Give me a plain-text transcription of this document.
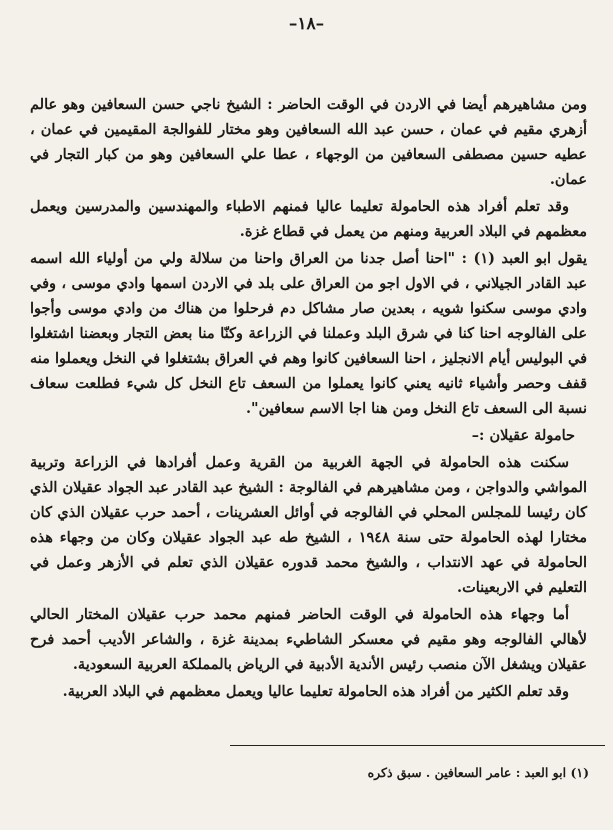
–١٨–

ومن مشاهيرهم أيضا في الاردن في الوقت الحاضر : الشيخ ناجي حسن السعافين وهو عالم أزهري مقيم في عمان ، حسن عبد الله السعافين وهو مختار للفوالجة المقيمين في عمان ، عطيه حسين مصطفى السعافين من الوجهاء ، عطا علي السعافين وهو من كبار التجار في عمان.

وقد تعلم أفراد هذه الحامولة تعليما عاليا فمنهم الاطباء والمهندسين والمدرسين ويعمل معظمهم في البلاد العربية ومنهم من يعمل في قطاع غزة.

يقول ابو العبد (١) : "احنا أصل جدنا من العراق واحنا من سلالة ولي من أولياء الله اسمه عبد القادر الجيلاني ، في الاول اجو من العراق على بلد في الاردن اسمها وادي موسى ، وفي وادي موسى سكنوا شويه ، بعدين صار مشاكل دم فرحلوا من هناك من وادي موسى وأجوا على الفالوجه احنا كنا في شرق البلد وعملنا في الزراعة وكنّا منا بعض التجار وبعضنا اشتغلوا في البوليس أيام الانجليز ، احنا السعافين كانوا وهم في العراق بشتغلوا في النخل ويعملوا منه قفف وحصر وأشياء ثانيه يعني كانوا يعملوا من السعف تاع النخل كل شيء فطلعت سعاف نسبة الى السعف تاع النخل ومن هنا اجا الاسم سعافين".

حامولة عقيلان :–

سكنت هذه الحامولة في الجهة الغربية من القرية وعمل أفرادها في الزراعة وتربية المواشي والدواجن ، ومن مشاهيرهم في الفالوجة : الشيخ عبد القادر عبد الجواد عقيلان الذي كان رئيسا للمجلس المحلي في الفالوجه في أوائل العشرينات ، أحمد حرب عقيلان الذي كان مختارا لهذه الحامولة حتى سنة ١٩٤٨ ، الشيخ طه عبد الجواد عقيلان وكان من وجهاء هذه الحامولة في عهد الانتداب ، والشيخ محمد قدوره عقيلان الذي تعلم في الأزهر وعمل في التعليم في الاربعينات.

أما وجهاء هذه الحامولة في الوقت الحاضر فمنهم محمد حرب عقيلان المختار الحالي لأهالي الفالوجه وهو مقيم في معسكر الشاطيء بمدينة غزة ، والشاعر الأديب أحمد فرح عقيلان ويشغل الآن منصب رئيس الأندية الأدبية في الرياض بالمملكة العربية السعودية.

وقد تعلم الكثير من أفراد هذه الحامولة تعليما عاليا ويعمل معظمهم في البلاد العربية.

(١) ابو العبد : عامر السعافين . سبق ذكره
